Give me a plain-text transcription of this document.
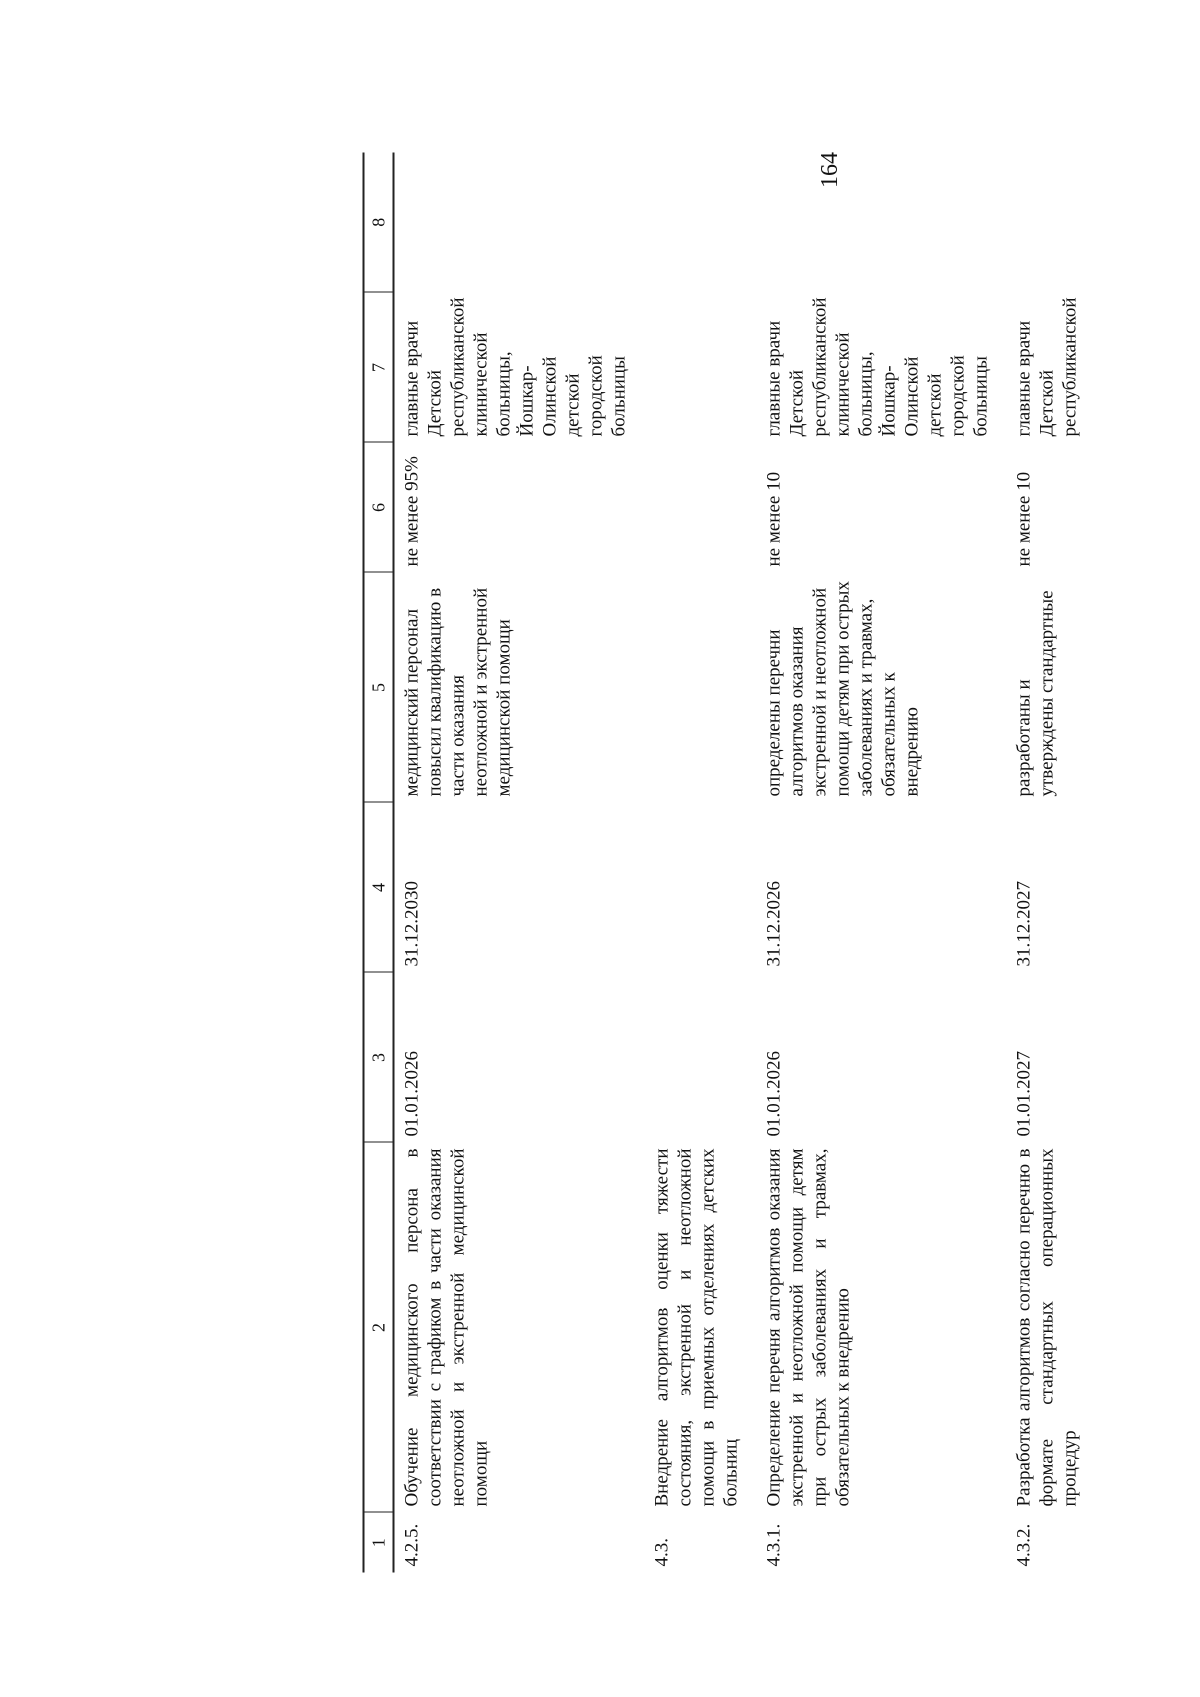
164
1	2	3	4	5	6	7	8
4.2.5.	Обучение медицинского персона в соответствии с графиком в части оказания неотложной и экстренной медицинской помощи	01.01.2026	31.12.2030	медицинский персонал повысил квалификацию в части оказания неотложной и экстренной медицинской помощи	не менее 95%	главные врачи Детской республиканской клинической больницы, Йошкар-Олинской детской городской больницы	
4.3.	Внедрение алгоритмов оценки тяжести состояния, экстренной и неотложной помощи в приемных отделениях детских больниц						
4.3.1.	Определение перечня алгоритмов оказания экстренной и неотложной помощи детям при острых заболеваниях и травмах, обязательных к внедрению	01.01.2026	31.12.2026	определены перечни алгоритмов оказания экстренной и неотложной помощи детям при острых заболеваниях и травмах, обязательных к внедрению	не менее 10	главные врачи Детской республиканской клинической больницы, Йошкар-Олинской детской городской больницы	
4.3.2.	Разработка алгоритмов согласно перечню в формате стандартных операционных процедур	01.01.2027	31.12.2027	разработаны и утверждены стандартные	не менее 10	главные врачи Детской республиканской	
